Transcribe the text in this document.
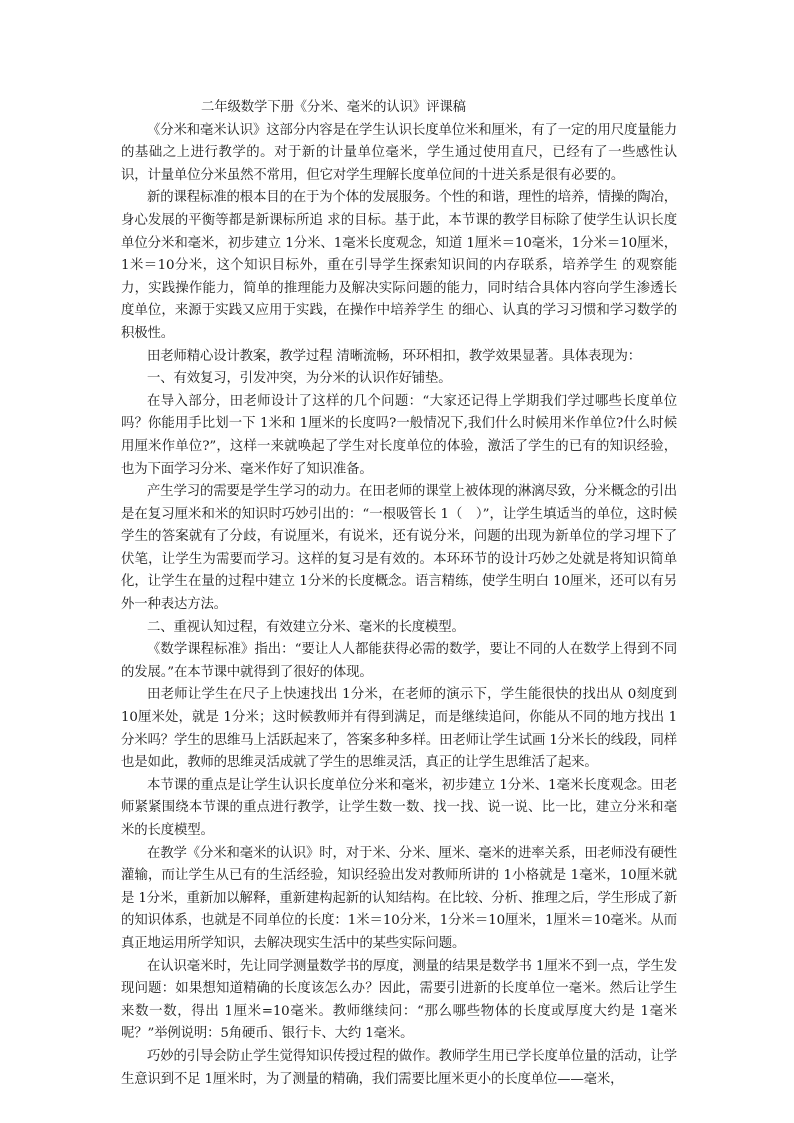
二年级数学下册《分米、毫米的认识》评课稿

《分米和毫米认识》这部分内容是在学生认识长度单位米和厘米，有了一定的用尺度量能力的基础之上进行教学的。对于新的计量单位毫米，学生通过使用直尺，已经有了一些感性认识，计量单位分米虽然不常用，但它对学生理解长度单位间的十进关系是很有必要的。

新的课程标准的根本目的在于为个体的发展服务。个性的和谐，理性的培养，情操的陶冶，身心发展的平衡等都是新课标所追 求的目标。基于此，本节课的教学目标除了使学生认识长度单位分米和毫米，初步建立 1分米、1毫米长度观念，知道 1厘米＝10毫米，1分米＝10厘米，1米＝10分米，这个知识目标外，重在引导学生探索知识间的内存联系，培养学生 的观察能力，实践操作能力，简单的推理能力及解决实际问题的能力，同时结合具体内容向学生渗透长度单位，来源于实践又应用于实践，在操作中培养学生 的细心、认真的学习习惯和学习数学的积极性。

田老师精心设计教案，教学过程 清晰流畅，环环相扣，教学效果显著。具体表现为：

一、有效复习，引发冲突，为分米的认识作好铺垫。

在导入部分，田老师设计了这样的几个问题：“大家还记得上学期我们学过哪些长度单位吗？你能用手比划一下 1米和 1厘米的长度吗?一般情况下,我们什么时候用米作单位?什么时候用厘米作单位?”，这样一来就唤起了学生对长度单位的体验，激活了学生的已有的知识经验，也为下面学习分米、毫米作好了知识准备。

产生学习的需要是学生学习的动力。在田老师的课堂上被体现的淋漓尽致，分米概念的引出是在复习厘米和米的知识时巧妙引出的：“一根吸管长 1（　）”，让学生填适当的单位，这时候学生的答案就有了分歧，有说厘米，有说米，还有说分米，问题的出现为新单位的学习埋下了伏笔，让学生为需要而学习。这样的复习是有效的。本环环节的设计巧妙之处就是将知识简单化，让学生在量的过程中建立 1分米的长度概念。语言精练，使学生明白 10厘米，还可以有另外一种表达方法。

二、重视认知过程，有效建立分米、毫米的长度模型。

《数学课程标准》指出：“要让人人都能获得必需的数学，要让不同的人在数学上得到不同的发展。”在本节课中就得到了很好的体现。

田老师让学生在尺子上快速找出 1分米，在老师的演示下，学生能很快的找出从 0刻度到 10厘米处，就是 1分米；这时候教师并有得到满足，而是继续追问，你能从不同的地方找出 1分米吗？学生的思维马上活跃起来了，答案多种多样。田老师让学生试画 1分米长的线段，同样也是如此，教师的思维灵活成就了学生的思维灵活，真正的让学生思维活了起来。

本节课的重点是让学生认识长度单位分米和毫米，初步建立 1分米、1毫米长度观念。田老师紧紧围绕本节课的重点进行教学，让学生数一数、找一找、说一说、比一比，建立分米和毫米的长度模型。

在教学《分米和毫米的认识》时，对于米、分米、厘米、毫米的进率关系，田老师没有硬性灌输，而让学生从已有的生活经验，知识经验出发对教师所讲的 1小格就是 1毫米，10厘米就是 1分米，重新加以解释，重新建构起新的认知结构。在比较、分析、推理之后，学生形成了新的知识体系，也就是不同单位的长度：1米＝10分米，1分米＝10厘米，1厘米＝10毫米。从而真正地运用所学知识，去解决现实生活中的某些实际问题。

在认识毫米时，先让同学测量数学书的厚度，测量的结果是数学书 1厘米不到一点，学生发现问题：如果想知道精确的长度该怎么办？因此，需要引进新的长度单位一毫米。然后让学生来数一数，得出 1厘米=10毫米。教师继续问：“那么哪些物体的长度或厚度大约是 1毫米呢？”举例说明：5角硬币、银行卡、大约 1毫米。

巧妙的引导会防止学生觉得知识传授过程的做作。教师学生用已学长度单位量的活动，让学生意识到不足 1厘米时，为了测量的精确，我们需要比厘米更小的长度单位——毫米，
